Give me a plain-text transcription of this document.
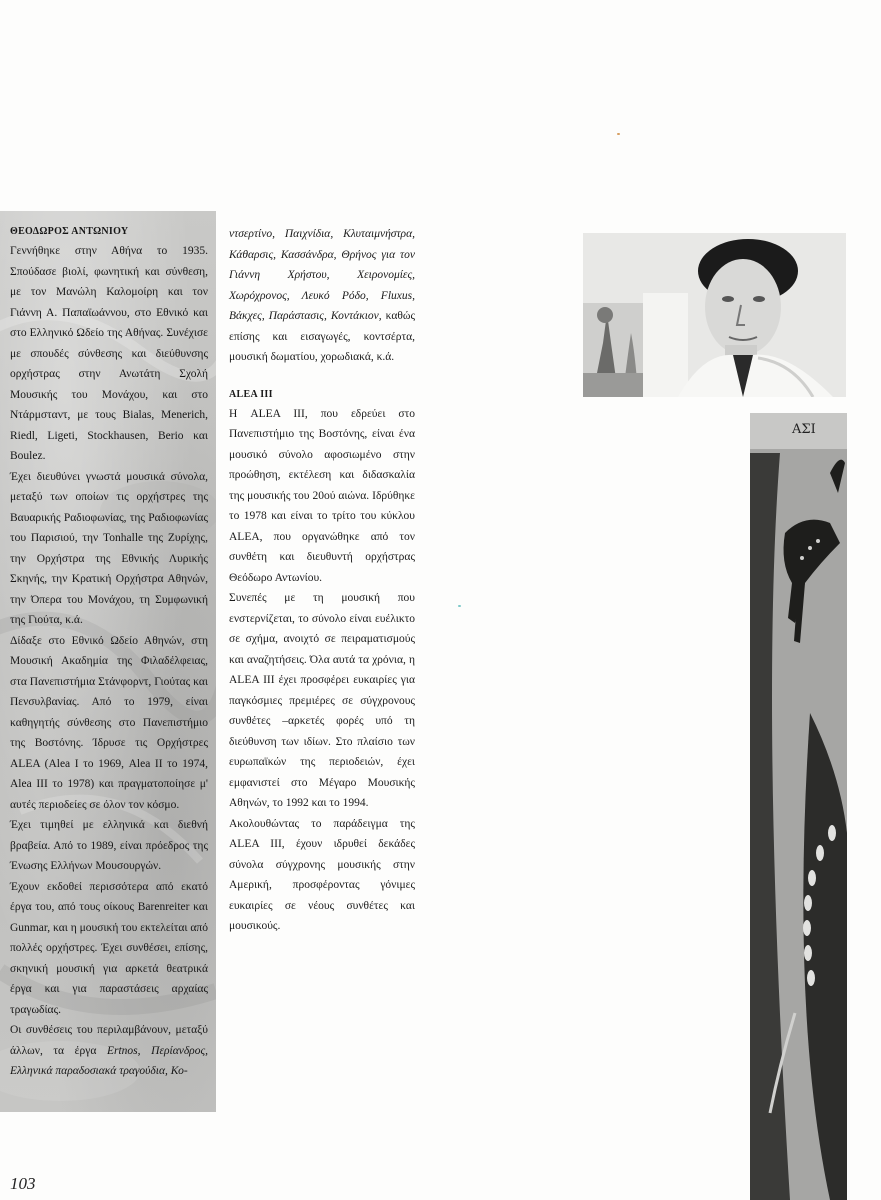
ΘΕΟΔΩΡΟΣ ΑΝΤΩΝΙΟΥ

Γεννήθηκε στην Αθήνα το 1935. Σπούδασε βιολί, φωνητική και σύνθεση, με τον Μανώλη Καλομοίρη και τον Γιάννη Α. Παπαϊωάννου, στο Εθνικό και στο Ελληνικό Ωδείο της Αθήνας. Συνέχισε με σπουδές σύνθεσης και διεύθυνσης ορχήστρας στην Ανωτάτη Σχολή Μουσικής του Μονάχου, και στο Ντάρμσταντ, με τους Bialas, Menerich, Riedl, Ligeti, Stockhausen, Berio και Boulez.

Έχει διευθύνει γνωστά μουσικά σύνολα, μεταξύ των οποίων τις ορχήστρες της Βαυαρικής Ραδιοφωνίας, της Ραδιοφωνίας του Παρισιού, την Tonhalle της Ζυρίχης, την Ορχήστρα της Εθνικής Λυρικής Σκηνής, την Κρατική Ορχήστρα Αθηνών, την Όπερα του Μονάχου, τη Συμφωνική της Γιούτα, κ.ά.

Δίδαξε στο Εθνικό Ωδείο Αθηνών, στη Μουσική Ακαδημία της Φιλαδέλφειας, στα Πανεπιστήμια Στάνφορντ, Γιούτας και Πενσυλβανίας. Από το 1979, είναι καθηγητής σύνθεσης στο Πανεπιστήμιο της Βοστόνης. Ίδρυσε τις Ορχήστρες ALEA (Alea I το 1969, Alea II το 1974, Alea III το 1978) και πραγματοποίησε μ' αυτές περιοδείες σε όλον τον κόσμο.

Έχει τιμηθεί με ελληνικά και διεθνή βραβεία. Από το 1989, είναι πρόεδρος της Ένωσης Ελλήνων Μουσουργών.

Έχουν εκδοθεί περισσότερα από εκατό έργα του, από τους οίκους Barenreiter και Gunmar, και η μουσική του εκτελείται από πολλές ορχήστρες. Έχει συνθέσει, επίσης, σκηνική μουσική για αρκετά θεατρικά έργα και για παραστάσεις αρχαίας τραγωδίας.

Οι συνθέσεις του περιλαμβάνουν, μεταξύ άλλων, τα έργα Ertnos, Περίανδρος, Ελληνικά παραδοσιακά τραγούδια, Κο-

ντσερτίνο, Παιχνίδια, Κλυταιμνήστρα, Κάθαρσις, Κασσάνδρα, Θρήνος για τον Γιάννη Χρήστου, Χειρονομίες, Χωρόχρονος, Λευκό Ρόδο, Fluxus, Βάκχες, Παράστασις, Κοντάκιον, καθώς επίσης και εισαγωγές, κοντσέρτα, μουσική δωματίου, χορωδιακά, κ.ά.

ALEA III

Η ALEA III, που εδρεύει στο Πανεπιστήμιο της Βοστόνης, είναι ένα μουσικό σύνολο αφοσιωμένο στην προώθηση, εκτέλεση και διδασκαλία της μουσικής του 20ού αιώνα. Ιδρύθηκε το 1978 και είναι το τρίτο του κύκλου ALEA, που οργανώθηκε από τον συνθέτη και διευθυντή ορχήστρας Θεόδωρο Αντωνίου.

Συνεπές με τη μουσική που ενστερνίζεται, το σύνολο είναι ευέλικτο σε σχήμα, ανοιχτό σε πειραματισμούς και αναζητήσεις. Όλα αυτά τα χρόνια, η ALEA III έχει προσφέρει ευκαιρίες για παγκόσμιες πρεμιέρες σε σύγχρονους συνθέτες –αρκετές φορές υπό τη διεύθυνση των ιδίων. Στο πλαίσιο των ευρωπαϊκών της περιοδειών, έχει εμφανιστεί στο Μέγαρο Μουσικής Αθηνών, το 1992 και το 1994.

Ακολουθώντας το παράδειγμα της ALEA III, έχουν ιδρυθεί δεκάδες σύνολα σύγχρονης μουσικής στην Αμερική, προσφέροντας γόνιμες ευκαιρίες σε νέους συνθέτες και μουσικούς.

ΑΣΙ
103
